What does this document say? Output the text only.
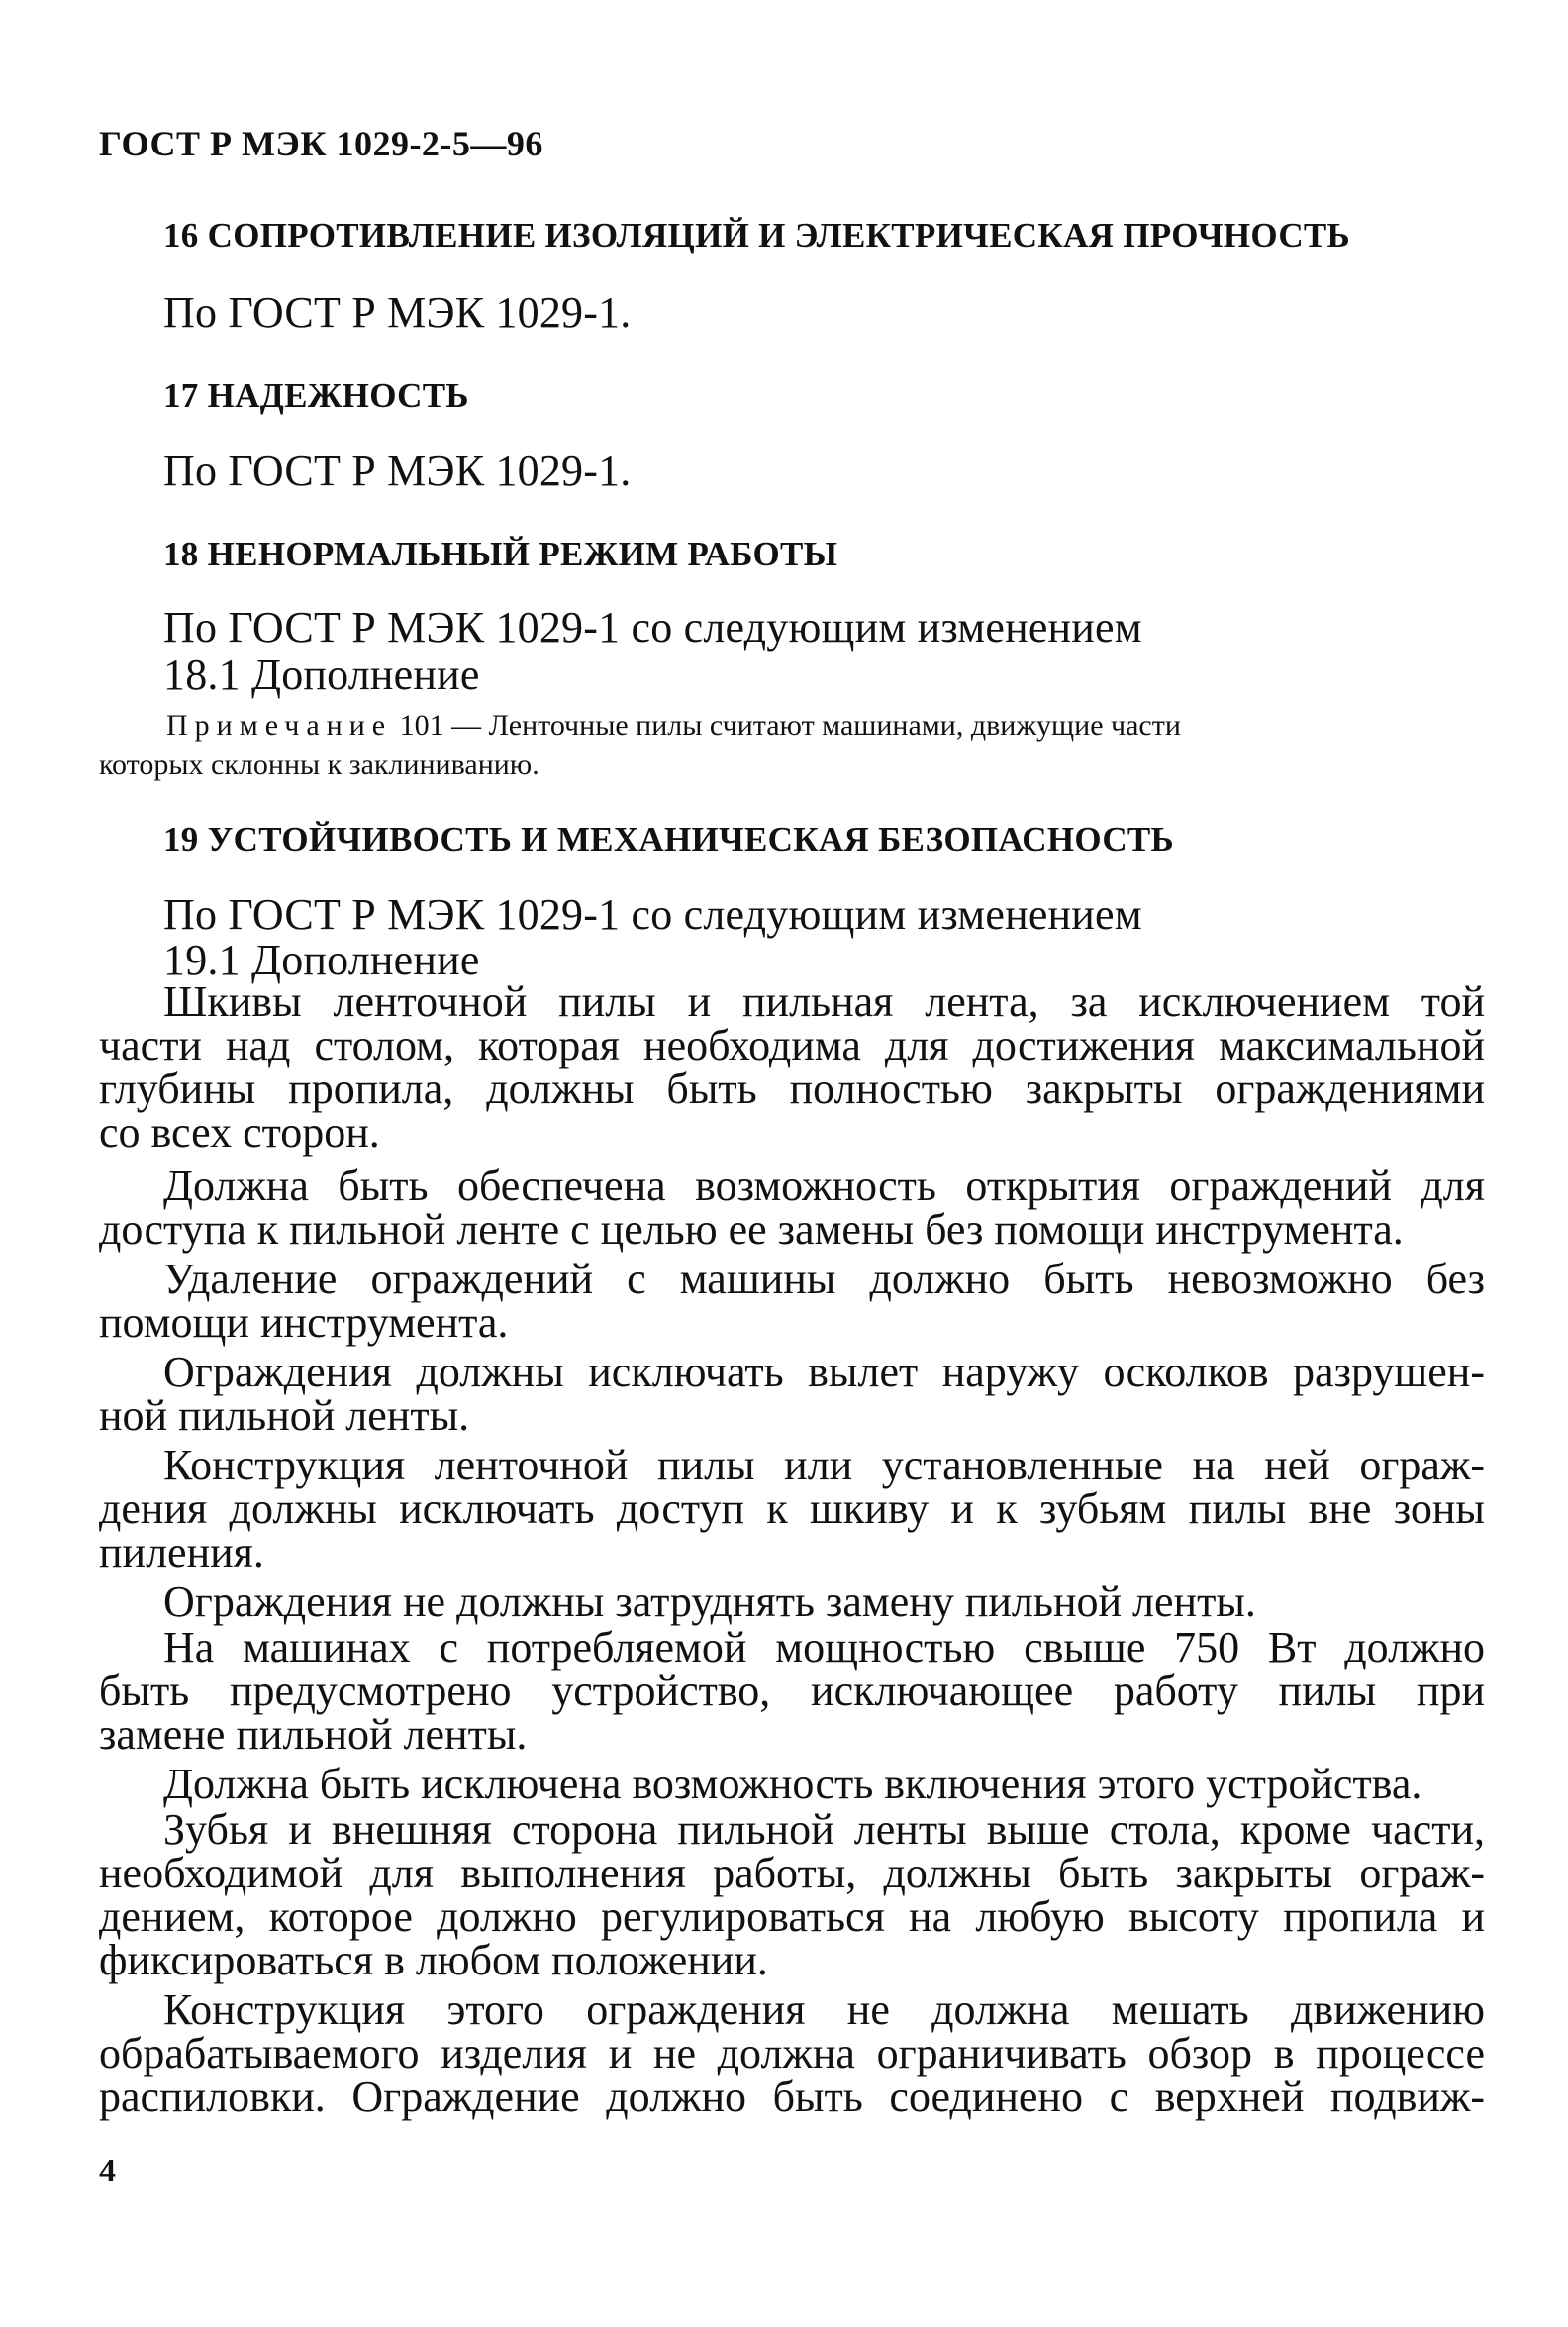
ГОСТ Р МЭК 1029-2-5—96
16 СОПРОТИВЛЕНИЕ ИЗОЛЯЦИЙ И ЭЛЕКТРИЧЕСКАЯ ПРОЧНОСТЬ
По ГОСТ Р МЭК 1029-1.
17 НАДЕЖНОСТЬ
По ГОСТ Р МЭК 1029-1.
18 НЕНОРМАЛЬНЫЙ РЕЖИМ РАБОТЫ
По ГОСТ Р МЭК 1029-1 со следующим изменением
18.1 Дополнение
Примечание 101 — Ленточные пилы считают машинами, движущие части
которых склонны к заклиниванию.
19 УСТОЙЧИВОСТЬ И МЕХАНИЧЕСКАЯ БЕЗОПАСНОСТЬ
По ГОСТ Р МЭК 1029-1 со следующим изменением
19.1 Дополнение
Шкивы ленточной пилы и пильная лента, за исключением той
части над столом, которая необходима для достижения максимальной
глубины пропила, должны быть полностью закрыты ограждениями
со всех сторон.
Должна быть обеспечена возможность открытия ограждений для
доступа к пильной ленте с целью ее замены без помощи инструмента.
Удаление ограждений с машины должно быть невозможно без
помощи инструмента.
Ограждения должны исключать вылет наружу осколков разрушен-
ной пильной ленты.
Конструкция ленточной пилы или установленные на ней ограж-
дения должны исключать доступ к шкиву и к зубьям пилы вне зоны
пиления.
Ограждения не должны затруднять замену пильной ленты.
На машинах с потребляемой мощностью свыше 750 Вт должно
быть предусмотрено устройство, исключающее работу пилы при
замене пильной ленты.
Должна быть исключена возможность включения этого устройства.
Зубья и внешняя сторона пильной ленты выше стола, кроме части,
необходимой для выполнения работы, должны быть закрыты ограж-
дением, которое должно регулироваться на любую высоту пропила и
фиксироваться в любом положении.
Конструкция этого ограждения не должна мешать движению
обрабатываемого изделия и не должна ограничивать обзор в процессе
распиловки. Ограждение должно быть соединено с верхней подвиж-
4
